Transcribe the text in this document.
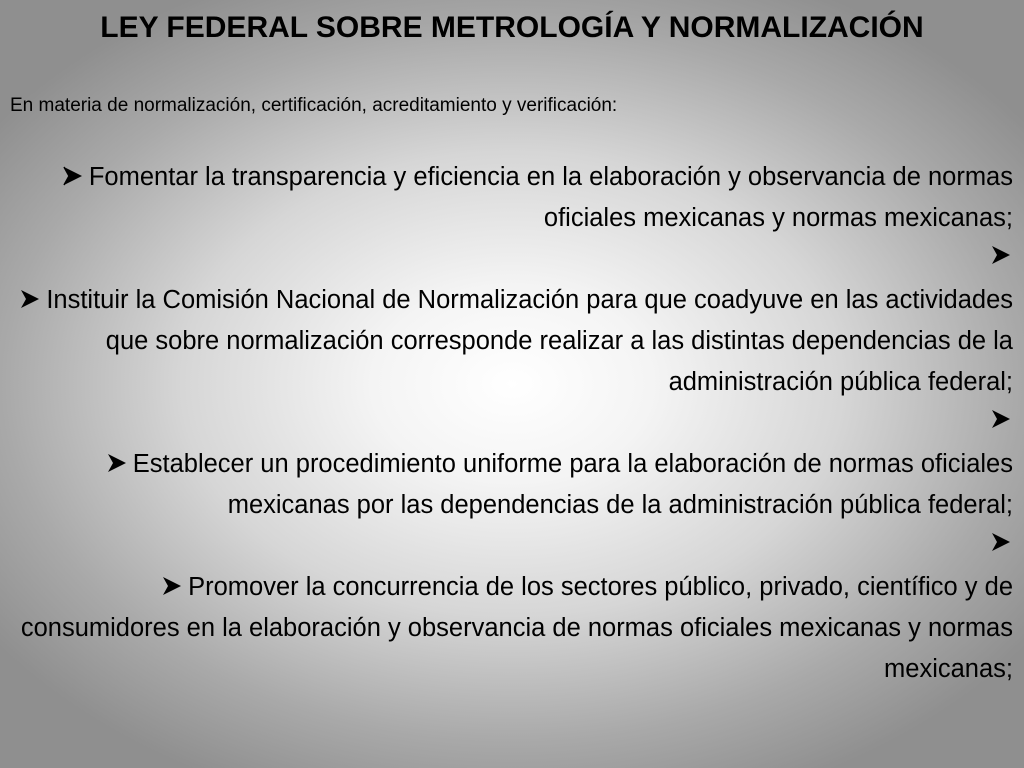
LEY FEDERAL SOBRE METROLOGÍA Y NORMALIZACIÓN
En materia de normalización, certificación, acreditamiento y verificación:
Fomentar la transparencia y eficiencia en la elaboración y observancia de normas oficiales mexicanas y normas mexicanas;
Instituir la Comisión Nacional de Normalización para que coadyuve en las actividades que sobre normalización corresponde realizar a las distintas dependencias de la administración pública federal;
Establecer un procedimiento uniforme para la elaboración de normas oficiales mexicanas por las dependencias de la administración pública federal;
Promover la concurrencia de los sectores público, privado, científico y de consumidores en la elaboración y observancia de normas oficiales mexicanas y normas mexicanas;
